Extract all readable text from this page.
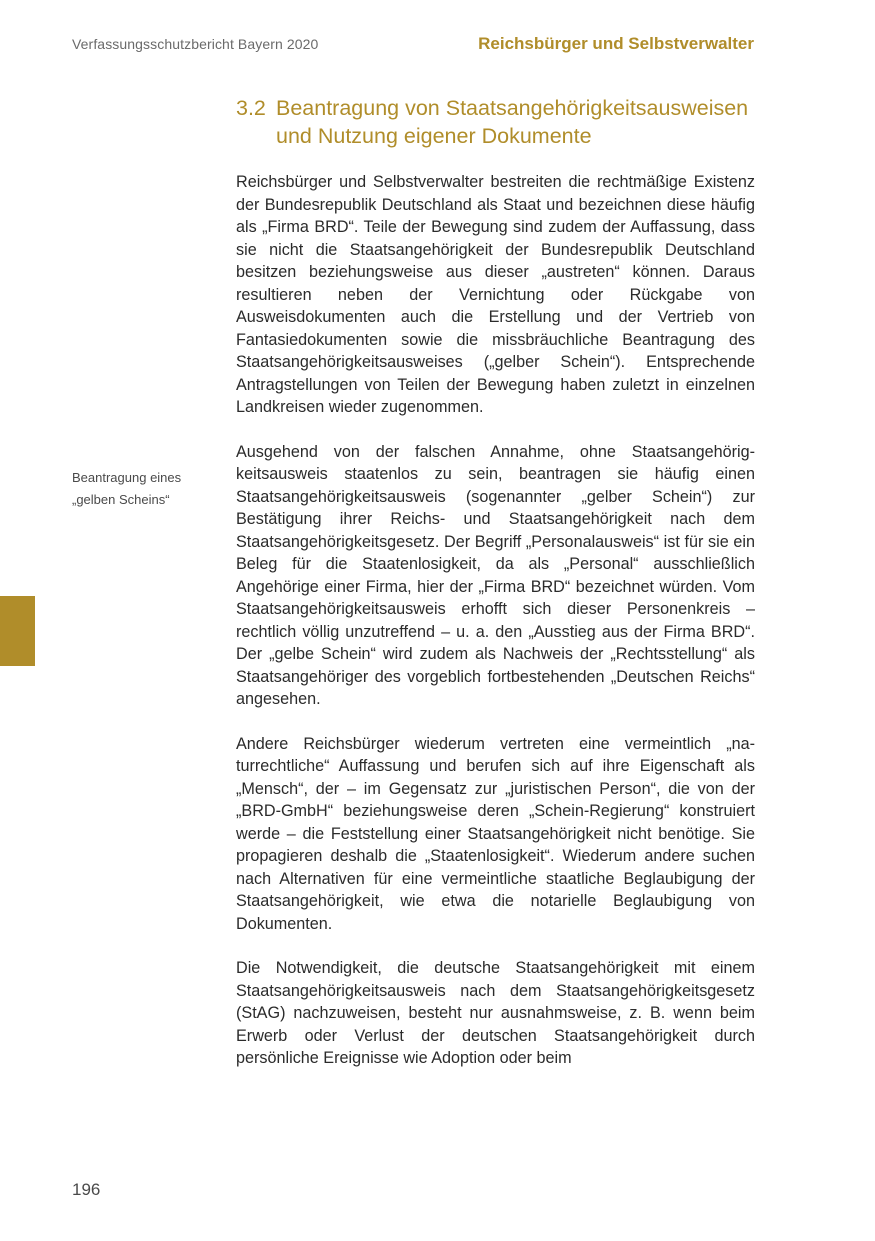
Verfassungsschutzbericht Bayern 2020	Reichsbürger und Selbstverwalter
3.2 Beantragung von Staatsangehörigkeitsausweisen und Nutzung eigener Dokumente
Beantragung eines „gelben Scheins“

Reichsbürger und Selbstverwalter bestreiten die rechtmäßige Existenz der Bundesrepublik Deutschland als Staat und bezeichnen diese häufig als „Firma BRD“. Teile der Bewegung sind zudem der Auffassung, dass sie nicht die Staatsangehörigkeit der Bundesrepublik Deutschland besitzen beziehungsweise aus dieser „austreten“ können. Daraus resultieren neben der Vernichtung oder Rückgabe von Ausweisdokumenten auch die Erstellung und der Vertrieb von Fantasiedokumenten sowie die missbräuchliche Beantragung des Staatsangehörigkeitsausweises („gelber Schein“). Entsprechende Antragstellungen von Teilen der Bewegung haben zuletzt in einzelnen Landkreisen wieder zugenommen.

Ausgehend von der falschen Annahme, ohne Staatsangehörigkeitsausweis staatenlos zu sein, beantragen sie häufig einen Staatsangehörigkeitsausweis (sogenannter „gelber Schein“) zur Bestätigung ihrer Reichs- und Staatsangehörigkeit nach dem Staatsangehörigkeitsgesetz. Der Begriff „Personalausweis“ ist für sie ein Beleg für die Staatenlosigkeit, da als „Personal“ ausschließlich Angehörige einer Firma, hier der „Firma BRD“ bezeichnet würden. Vom Staatsangehörigkeitsausweis erhofft sich dieser Personenkreis – rechtlich völlig unzutreffend – u. a. den „Ausstieg aus der Firma BRD“. Der „gelbe Schein“ wird zudem als Nachweis der „Rechtsstellung“ als Staatsangehöriger des vorgeblich fortbestehenden „Deutschen Reichs“ angesehen.

Andere Reichsbürger wiederum vertreten eine vermeintlich „naturrechtliche“ Auffassung und berufen sich auf ihre Eigenschaft als „Mensch“, der – im Gegensatz zur „juristischen Person“, die von der „BRD-GmbH“ beziehungsweise deren „Schein-Regierung“ konstruiert werde – die Feststellung einer Staatsangehörigkeit nicht benötige. Sie propagieren deshalb die „Staatenlosigkeit“. Wiederum andere suchen nach Alternativen für eine vermeintliche staatliche Beglaubigung der Staatsangehörigkeit, wie etwa die notarielle Beglaubigung von Dokumenten.

Die Notwendigkeit, die deutsche Staatsangehörigkeit mit einem Staatsangehörigkeitsausweis nach dem Staatsangehörigkeitsgesetz (StAG) nachzuweisen, besteht nur ausnahmsweise, z. B. wenn beim Erwerb oder Verlust der deutschen Staatsangehörigkeit durch persönliche Ereignisse wie Adoption oder beim

196
